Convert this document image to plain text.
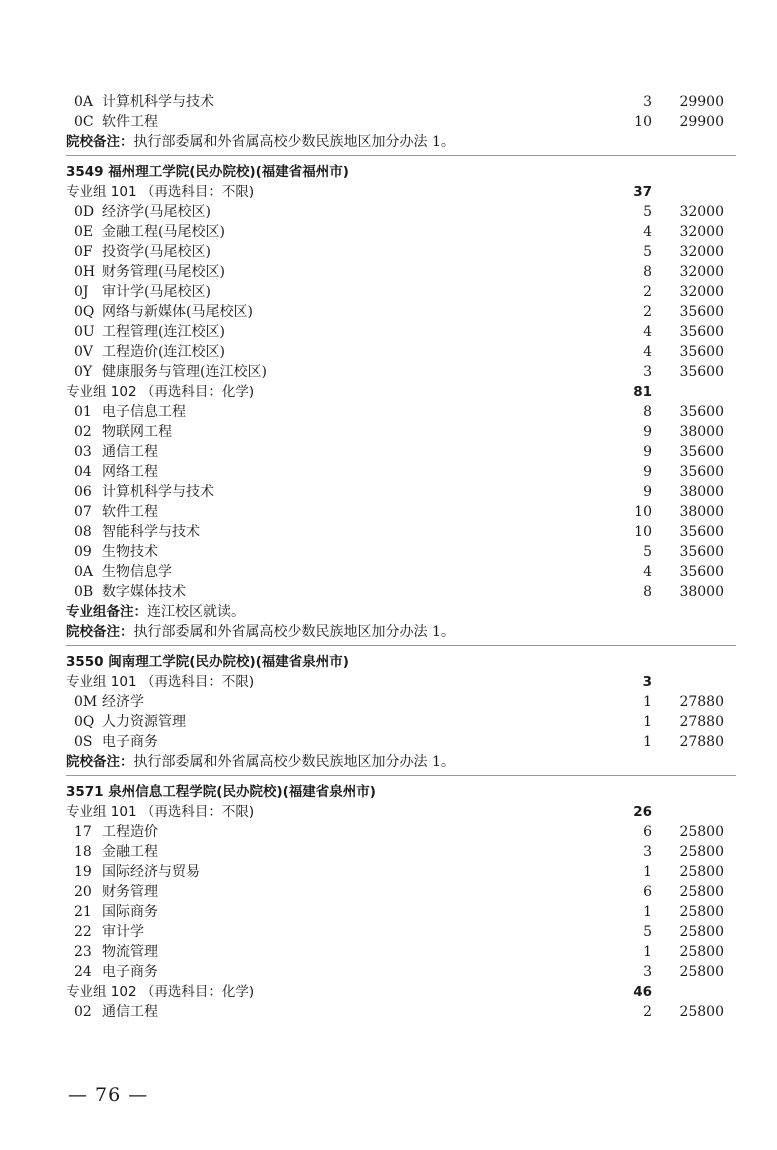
0A 计算机科学与技术	3	29900
0C 软件工程	10	29900
院校备注：执行部委属和外省属高校少数民族地区加分办法 1。
3549 福州理工学院(民办院校)(福建省福州市)
专业组 101 （再选科目：不限)	37
0D 经济学(马尾校区)	5	32000
0E 金融工程(马尾校区)	4	32000
0F 投资学(马尾校区)	5	32000
0H 财务管理(马尾校区)	8	32000
0J 审计学(马尾校区)	2	32000
0Q 网络与新媒体(马尾校区)	2	35600
0U 工程管理(连江校区)	4	35600
0V 工程造价(连江校区)	4	35600
0Y 健康服务与管理(连江校区)	3	35600
专业组 102 （再选科目：化学)	81
01 电子信息工程	8	35600
02 物联网工程	9	38000
03 通信工程	9	35600
04 网络工程	9	35600
06 计算机科学与技术	9	38000
07 软件工程	10	38000
08 智能科学与技术	10	35600
09 生物技术	5	35600
0A 生物信息学	4	35600
0B 数字媒体技术	8	38000
专业组备注：连江校区就读。
院校备注：执行部委属和外省属高校少数民族地区加分办法 1。
3550 闽南理工学院(民办院校)(福建省泉州市)
专业组 101 （再选科目：不限)	3
0M 经济学	1	27880
0Q 人力资源管理	1	27880
0S 电子商务	1	27880
院校备注：执行部委属和外省属高校少数民族地区加分办法 1。
3571 泉州信息工程学院(民办院校)(福建省泉州市)
专业组 101 （再选科目：不限)	26
17 工程造价	6	25800
18 金融工程	3	25800
19 国际经济与贸易	1	25800
20 财务管理	6	25800
21 国际商务	1	25800
22 审计学	5	25800
23 物流管理	1	25800
24 电子商务	3	25800
专业组 102 （再选科目：化学)	46
02 通信工程	2	25800
— 76 —
